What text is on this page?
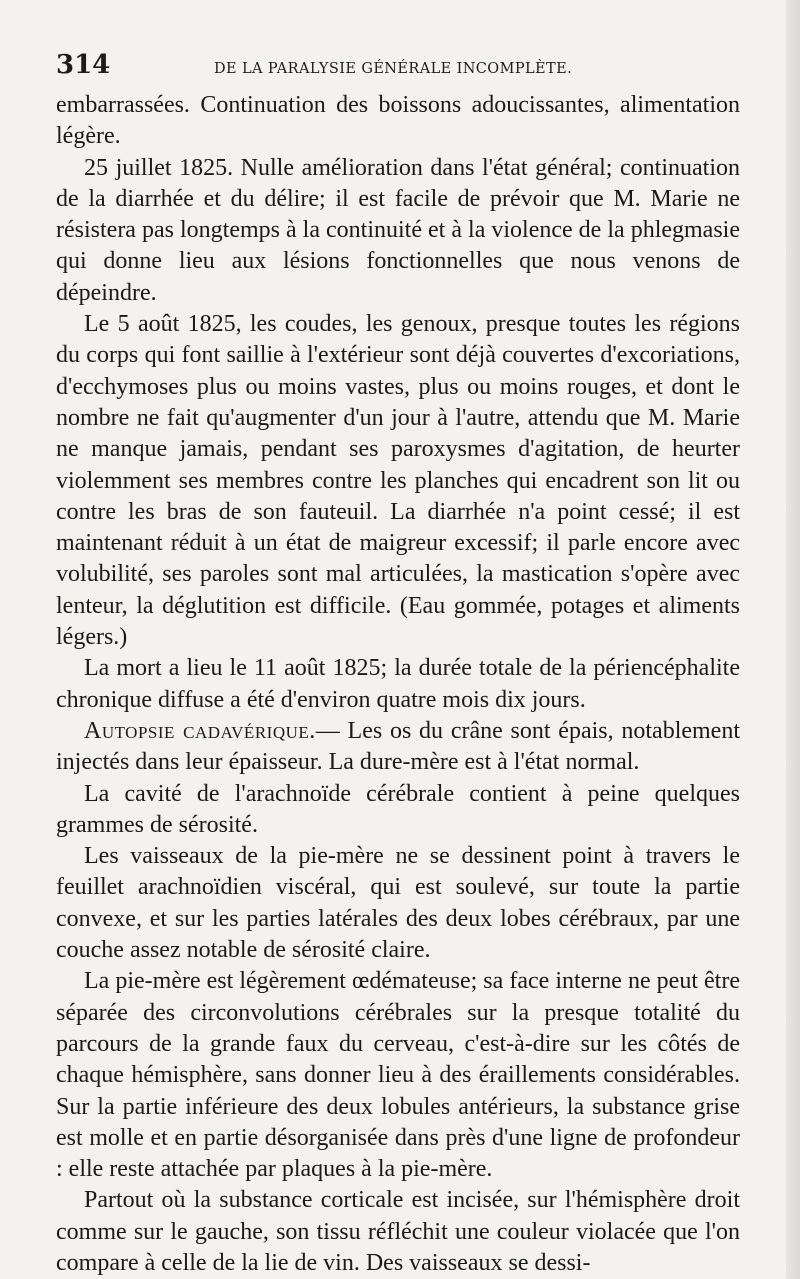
314	DE LA PARALYSIE GÉNÉRALE INCOMPLÈTE.

embarrassées. Continuation des boissons adoucissantes, alimentation légère.

25 juillet 1825. Nulle amélioration dans l'état général; continuation de la diarrhée et du délire; il est facile de prévoir que M. Marie ne résistera pas longtemps à la continuité et à la violence de la phlegmasie qui donne lieu aux lésions fonctionnelles que nous venons de dépeindre.

Le 5 août 1825, les coudes, les genoux, presque toutes les régions du corps qui font saillie à l'extérieur sont déjà couvertes d'excoriations, d'ecchymoses plus ou moins vastes, plus ou moins rouges, et dont le nombre ne fait qu'augmenter d'un jour à l'autre, attendu que M. Marie ne manque jamais, pendant ses paroxysmes d'agitation, de heurter violemment ses membres contre les planches qui encadrent son lit ou contre les bras de son fauteuil. La diarrhée n'a point cessé; il est maintenant réduit à un état de maigreur excessif; il parle encore avec volubilité, ses paroles sont mal articulées, la mastication s'opère avec lenteur, la déglutition est difficile. (Eau gommée, potages et aliments légers.)

La mort a lieu le 11 août 1825; la durée totale de la périencéphalite chronique diffuse a été d'environ quatre mois dix jours.

Autopsie cadavérique.— Les os du crâne sont épais, notablement injectés dans leur épaisseur. La dure-mère est à l'état normal.

La cavité de l'arachnoïde cérébrale contient à peine quelques grammes de sérosité.

Les vaisseaux de la pie-mère ne se dessinent point à travers le feuillet arachnoïdien viscéral, qui est soulevé, sur toute la partie convexe, et sur les parties latérales des deux lobes cérébraux, par une couche assez notable de sérosité claire.

La pie-mère est légèrement œdémateuse; sa face interne ne peut être séparée des circonvolutions cérébrales sur la presque totalité du parcours de la grande faux du cerveau, c'est-à-dire sur les côtés de chaque hémisphère, sans donner lieu à des éraillements considérables. Sur la partie inférieure des deux lobules antérieurs, la substance grise est molle et en partie désorganisée dans près d'une ligne de profondeur : elle reste attachée par plaques à la pie-mère.

Partout où la substance corticale est incisée, sur l'hémisphère droit comme sur le gauche, son tissu réfléchit une couleur violacée que l'on compare à celle de la lie de vin. Des vaisseaux se dessi-
